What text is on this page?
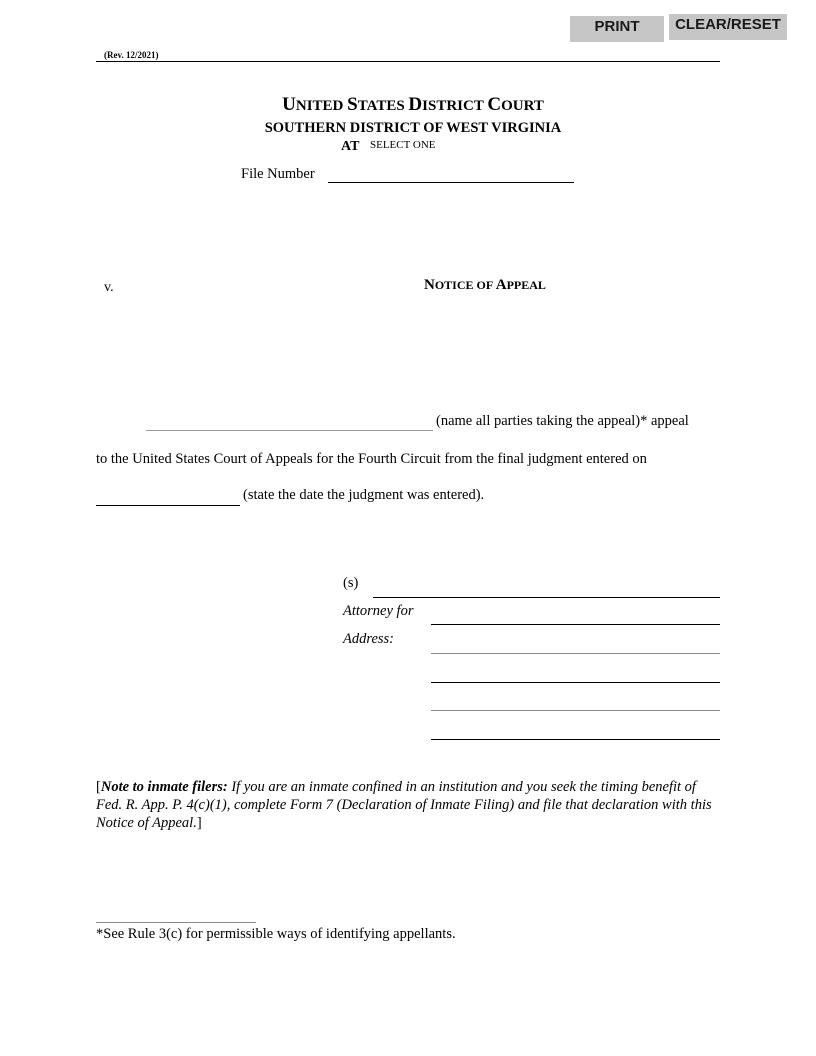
PRINT	CLEAR/RESET
(Rev. 12/2021)
UNITED STATES DISTRICT COURT
SOUTHERN DISTRICT OF WEST VIRGINIA
AT SELECT ONE
File Number
v.	NOTICE OF APPEAL
(name all parties taking the appeal)* appeal
to the United States Court of Appeals for the Fourth Circuit from the final judgment entered on
(state the date the judgment was entered).
(s)
Attorney for
Address:
[Note to inmate filers: If you are an inmate confined in an institution and you seek the timing benefit of Fed. R. App. P. 4(c)(1), complete Form 7 (Declaration of Inmate Filing) and file that declaration with this Notice of Appeal.]
*See Rule 3(c) for permissible ways of identifying appellants.
